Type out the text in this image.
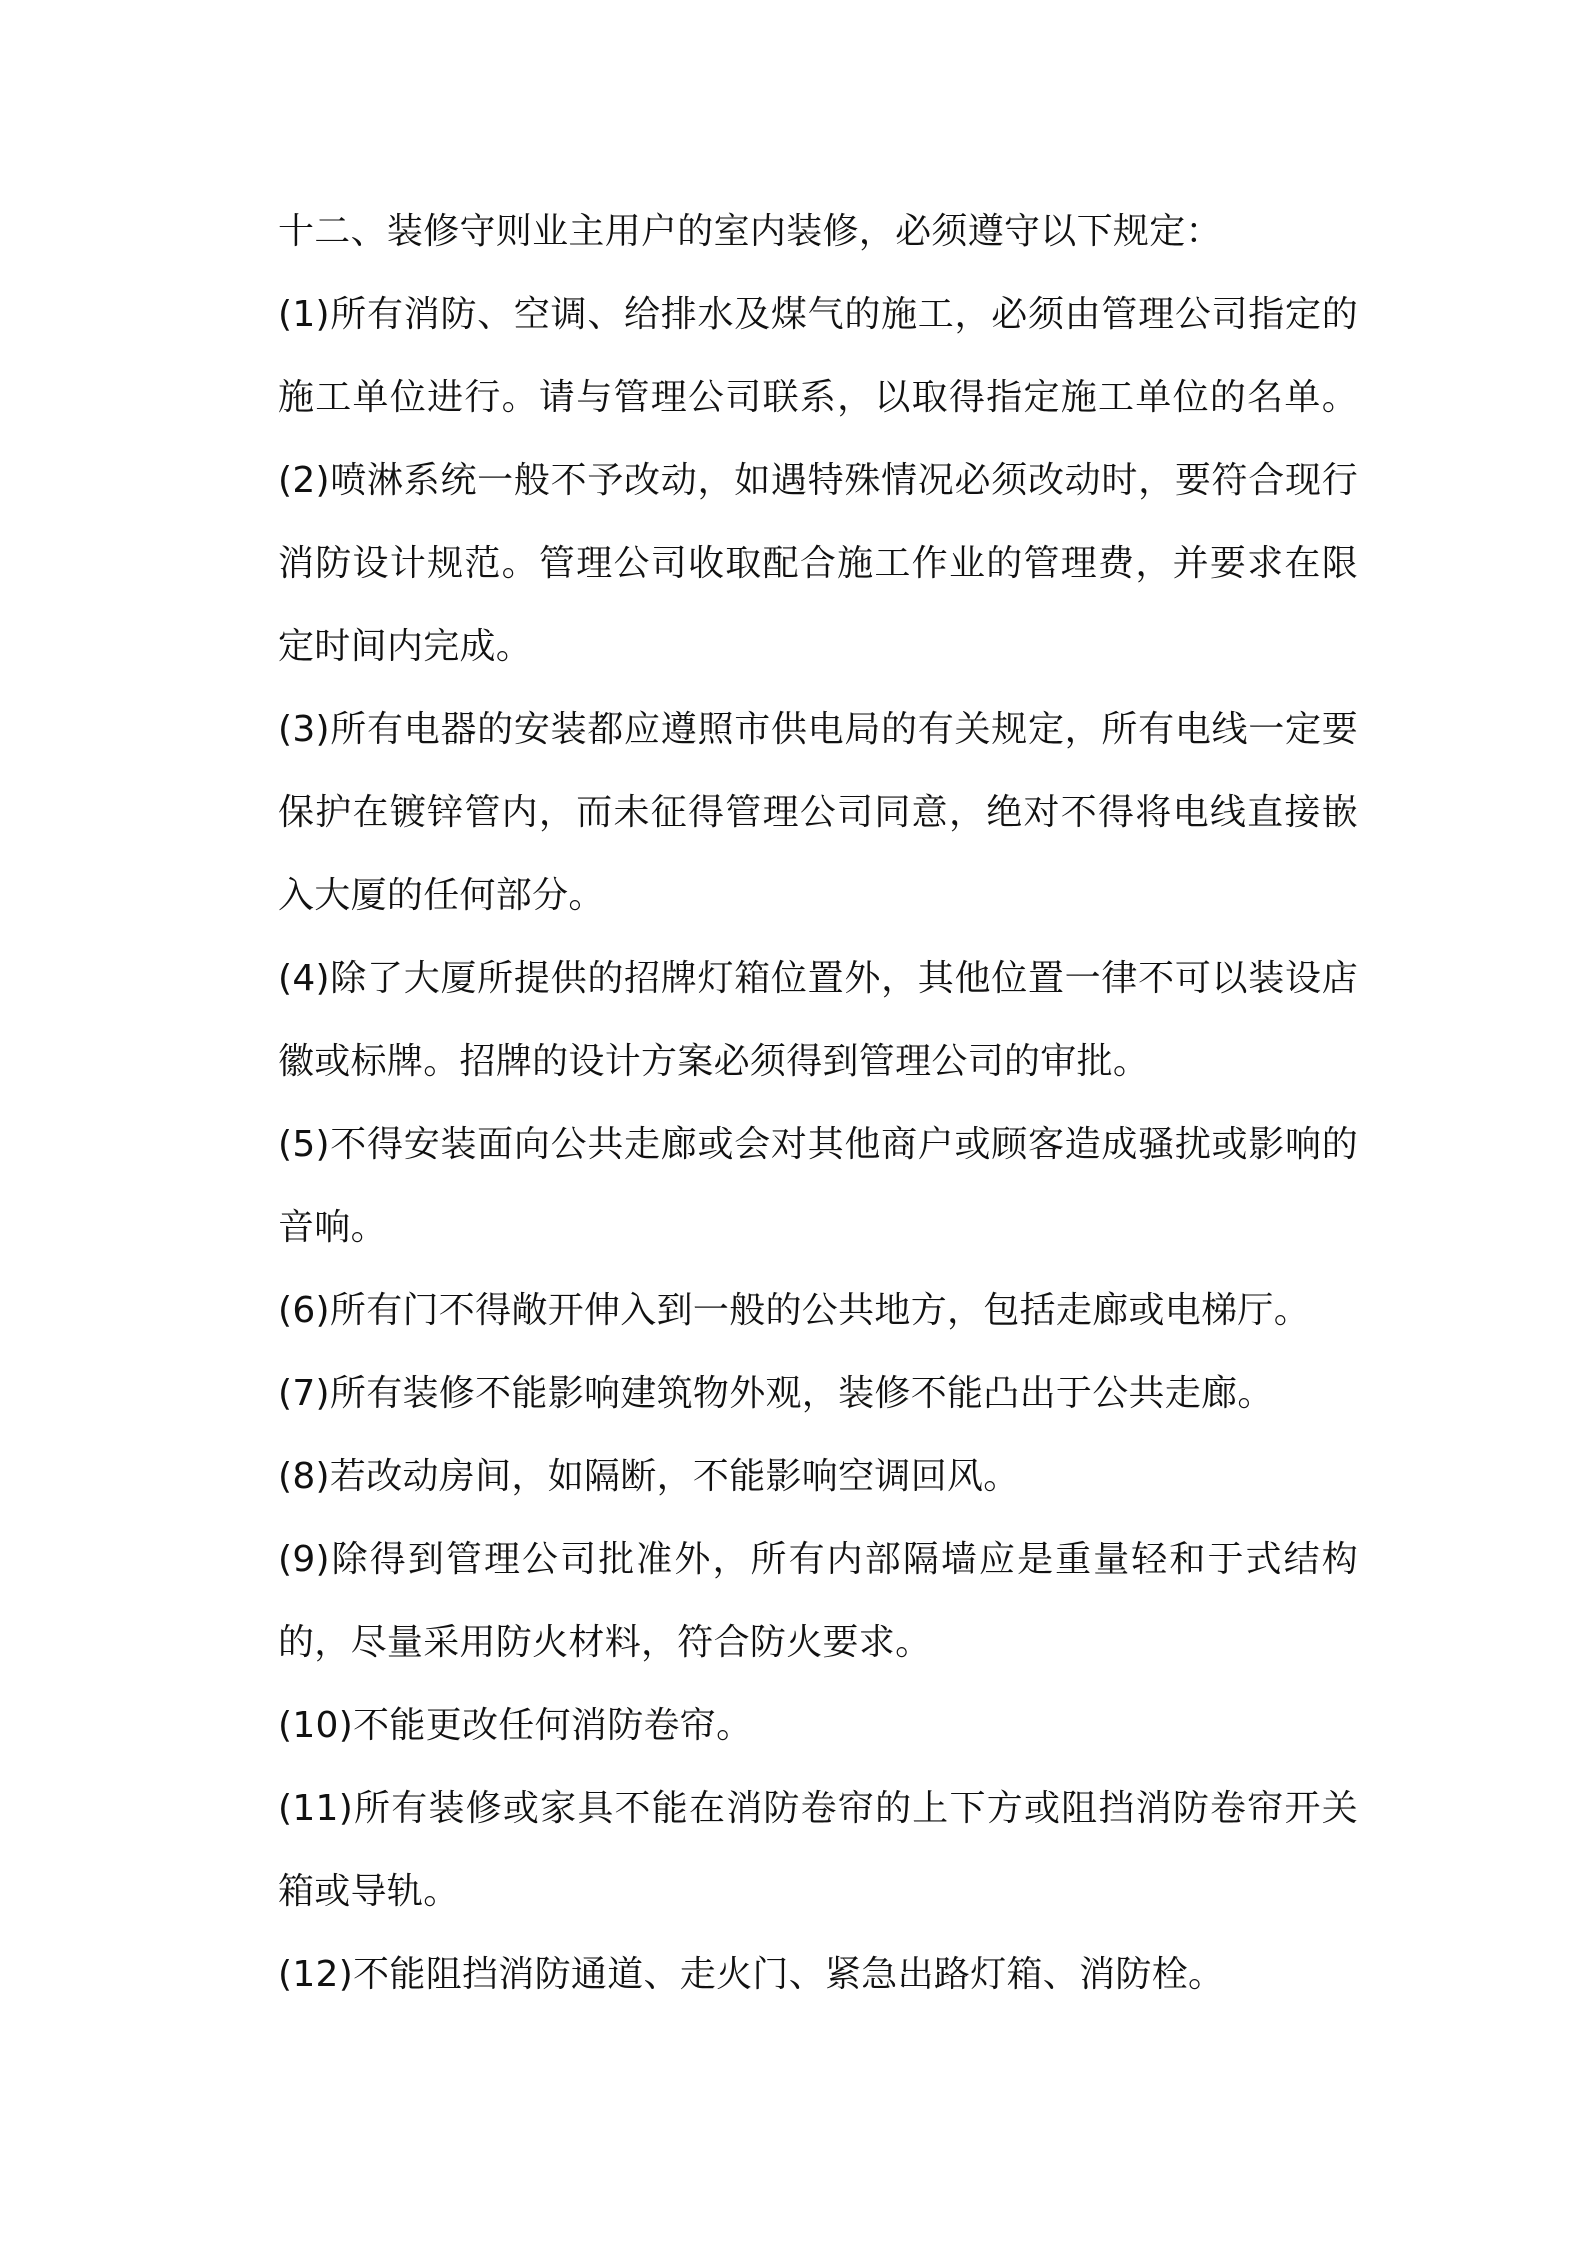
十二、装修守则业主用户的室内装修，必须遵守以下规定：

(1)所有消防、空调、给排水及煤气的施工，必须由管理公司指定的施工单位进行。请与管理公司联系，以取得指定施工单位的名单。(2)喷淋系统一般不予改动，如遇特殊情况必须改动时，要符合现行消防设计规范。管理公司收取配合施工作业的管理费，并要求在限定时间内完成。

(3)所有电器的安装都应遵照市供电局的有关规定，所有电线一定要保护在镀锌管内，而未征得管理公司同意，绝对不得将电线直接嵌入大厦的任何部分。

(4)除了大厦所提供的招牌灯箱位置外，其他位置一律不可以装设店徽或标牌。招牌的设计方案必须得到管理公司的审批。

(5)不得安装面向公共走廊或会对其他商户或顾客造成骚扰或影响的音响。

(6)所有门不得敞开伸入到一般的公共地方，包括走廊或电梯厅。

(7)所有装修不能影响建筑物外观，装修不能凸出于公共走廊。

(8)若改动房间，如隔断，不能影响空调回风。

(9)除得到管理公司批准外，所有内部隔墙应是重量轻和于式结构的，尽量采用防火材料，符合防火要求。

(10)不能更改任何消防卷帘。

(11)所有装修或家具不能在消防卷帘的上下方或阻挡消防卷帘开关箱或导轨。

(12)不能阻挡消防通道、走火门、紧急出路灯箱、消防栓。
